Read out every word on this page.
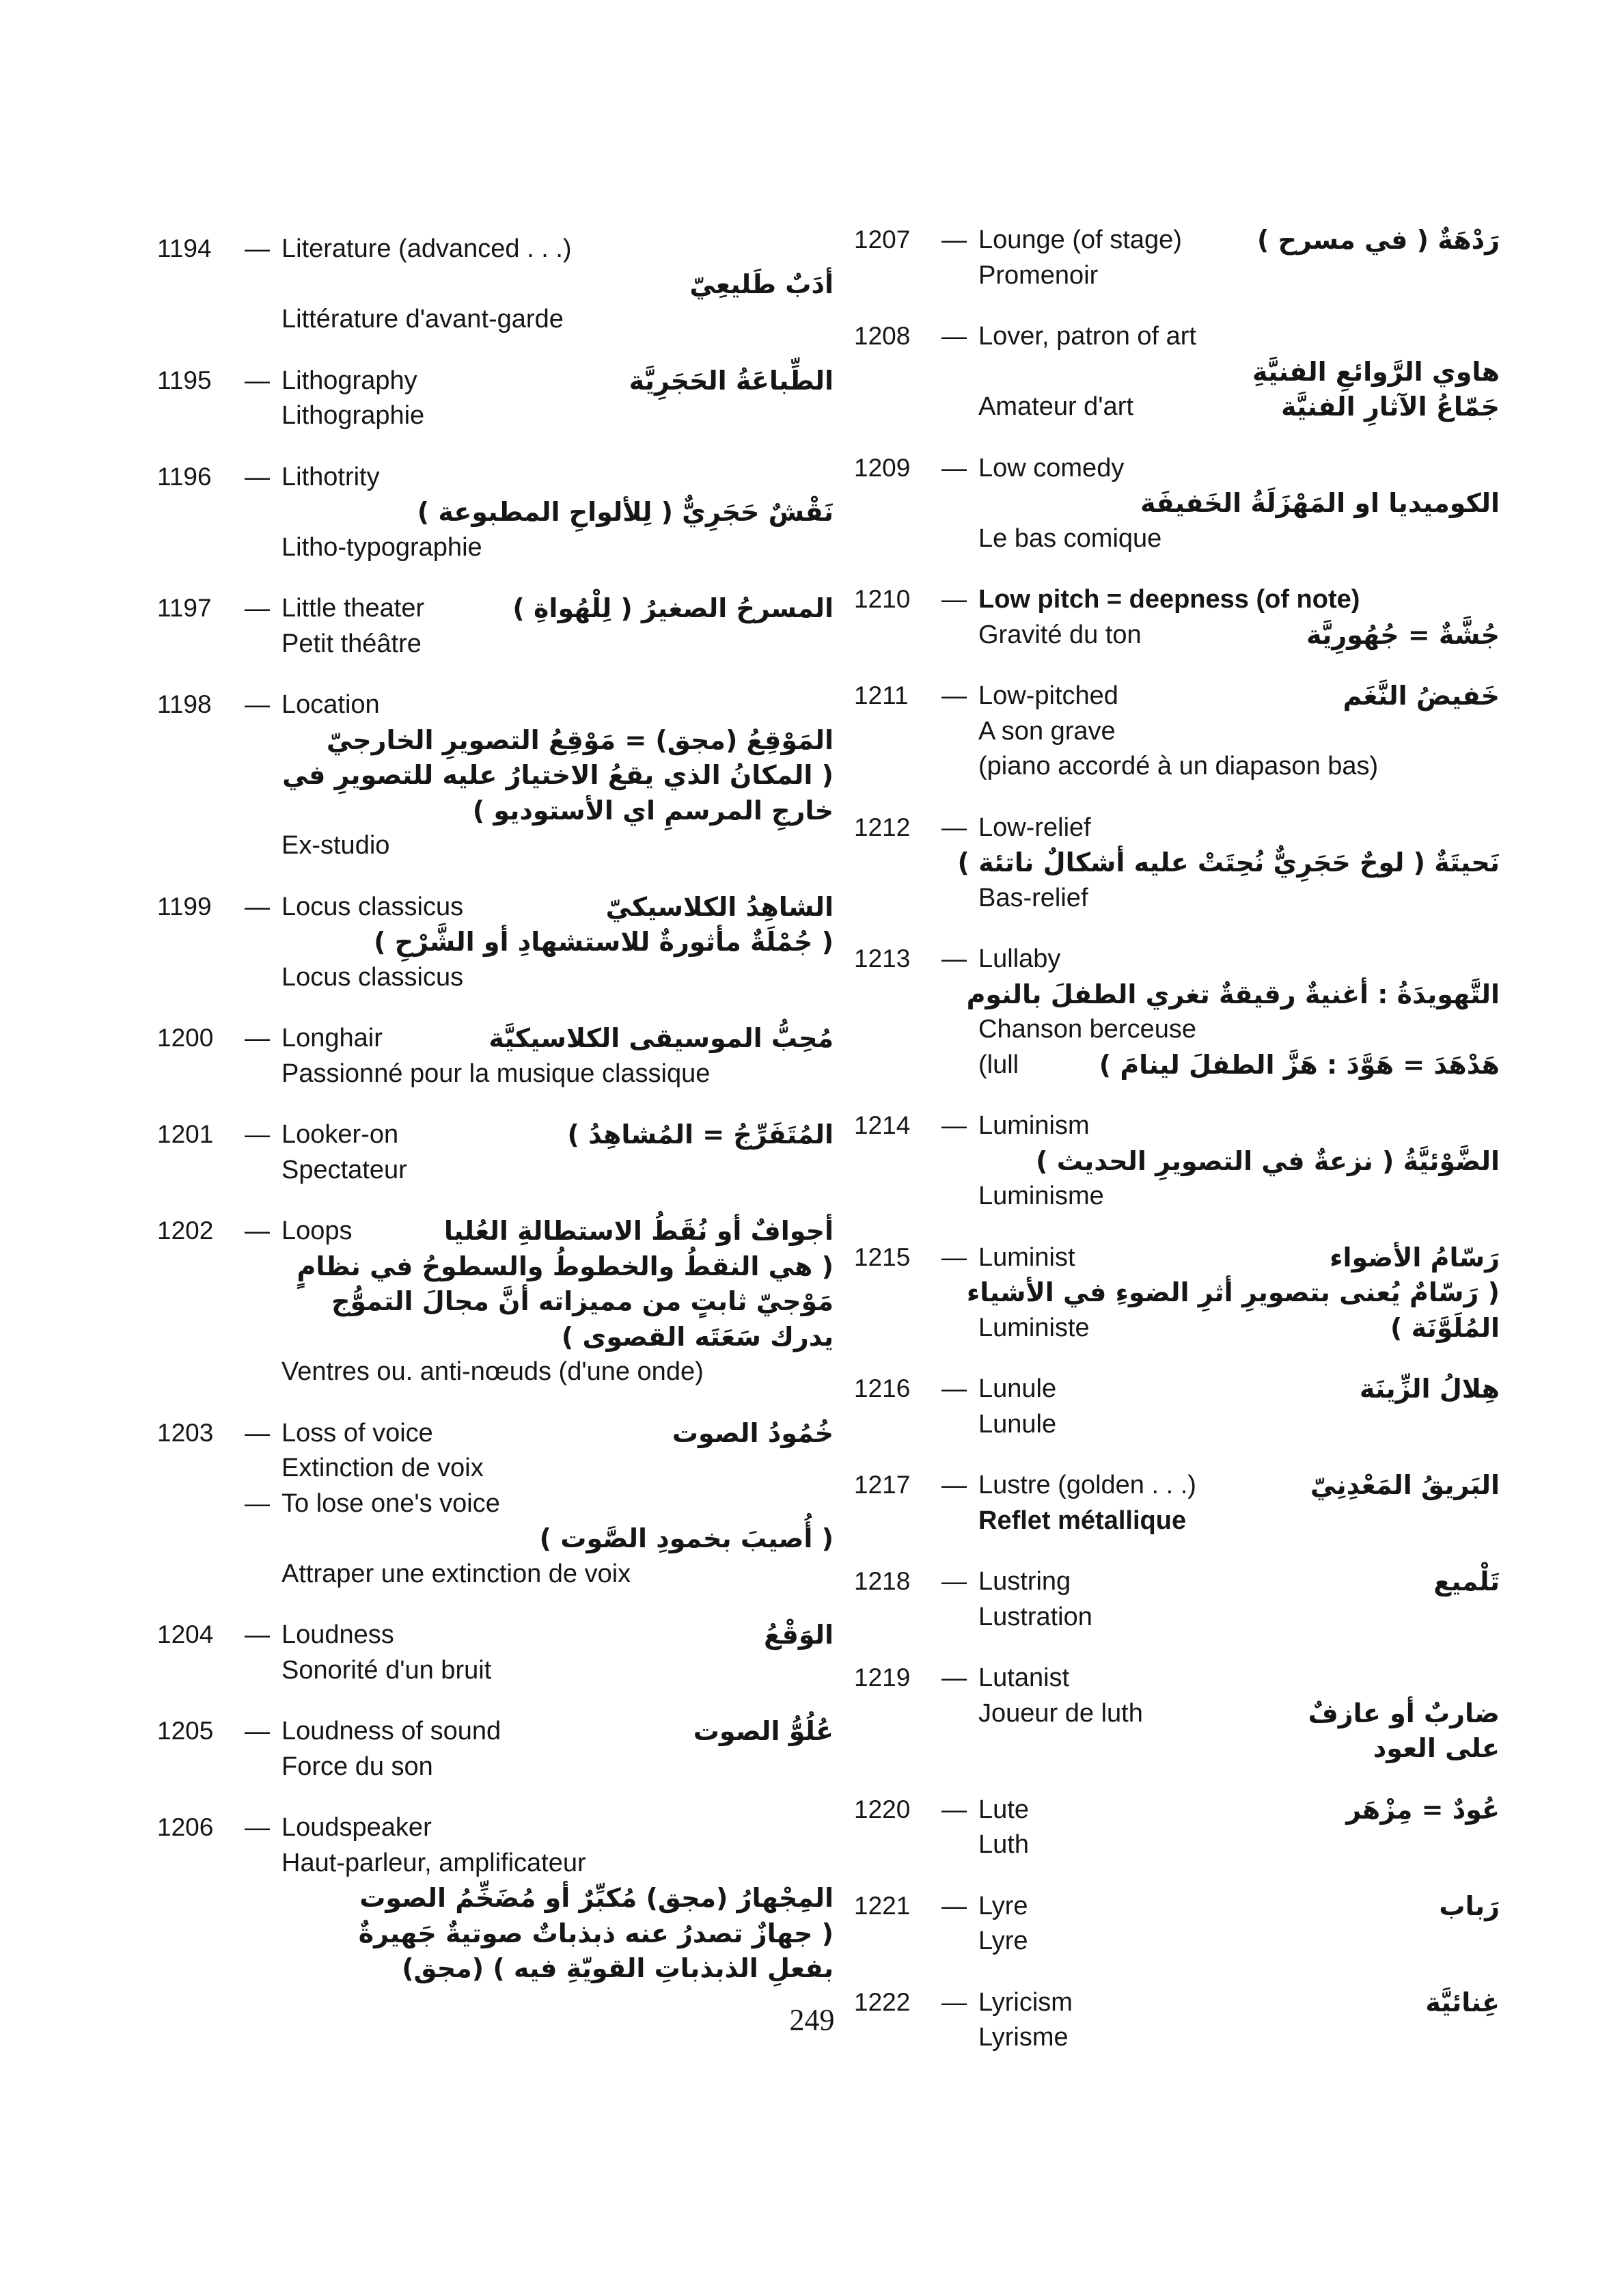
1194 — Literature (advanced . . .)
أدَبٌ طَليعِيّ
Littérature d'avant-garde
1195 — Lithography	الطِّباعَةُ الحَجَرِيَّة
Lithographie
1196 — Lithotrity
نَقْشٌ حَجَرِيٌّ ( لِلألواحِ المطبوعة )
Litho-typographie
1197 — Little theater	المسرحُ الصغيرُ ( لِلْهُواةِ )
Petit théâtre
1198 — Location
المَوْقِعُ (مجق) = مَوْقِعُ التصويرِ الخارجيّ
( المكانُ الذي يقعُ الاختيارُ عليه للتصويرِ في
خارجِ المرسمِ اي الأستوديو )
Ex-studio
1199 — Locus classicus	الشاهِدُ الكلاسيكيّ
( جُمْلَةٌ مأثورةٌ للاستشهادِ أو الشَّرْحِ )
Locus classicus
1200 — Longhair	مُحِبُّ الموسيقى الكلاسيكيَّة
Passionné pour la musique classique
1201 — Looker-on	المُتَفَرِّجُ = المُشاهِدُ )
Spectateur
1202 — Loops	أجوافٌ أو نُقَطُ الاستطالةِ العُليا
( هي النقطُ والخطوطُ والسطوحُ في نظامٍ
مَوْجيّ ثابتٍ من مميزاته أنَّ مجالَ التموُّج
يدرك سَعَتَه القصوى )
Ventres ou. anti-nœuds (d'une onde)
1203 — Loss of voice	خُمُودُ الصوت
Extinction de voix
— To lose one's voice
( أُصيبَ بخمودِ الصَّوت )
Attraper une extinction de voix
1204 — Loudness	الوَقْعُ
Sonorité d'un bruit
1205 — Loudness of sound	عُلُوُّ الصوت
Force du son
1206 — Loudspeaker
Haut-parleur, amplificateur
المِجْهارُ (مجق) مُكبِّرٌ أو مُضَخِّمُ الصوت
( جهازٌ تصدرُ عنه ذبذباتٌ صوتيةٌ جَهيرةٌ
بفعلِ الذبذباتِ القويّةِ فيه ) (مجق)
1207 — Lounge (of stage)	رَدْهَةٌ ( في مسرح )
Promenoir
1208 — Lover, patron of art
هاوي الرَّوائعِ الفنيَّةِ
Amateur d'art	جَمّاعُ الآثارِ الفنيَّة
1209 — Low comedy
الكوميديا او المَهْزَلَةُ الخَفيفَة
Le bas comique
1210 — Low pitch = deepness (of note)
Gravité du ton	جُشَّةٌ = جُهُورِيَّة
1211 — Low-pitched	خَفيضُ النَّغَم
A son grave
(piano accordé à un diapason bas)
1212 — Low-relief
نَحيتَةٌ ( لوحٌ حَجَرِيٌّ نُحِتَتْ عليه أشكالٌ ناتئة )
Bas-relief
1213 — Lullaby
التَّهويدَةُ : أغنيةٌ رقيقةٌ تغري الطفلَ بالنوم
Chanson berceuse
(lull	هَدْهَدَ = هَوَّدَ : هَزَّ الطفلَ لينامَ )
1214 — Luminism
الضَّوْئيَّةُ ( نزعةٌ في التصويرِ الحديث )
Luminisme
1215 — Luminist	رَسّامُ الأضواء
( رَسّامٌ يُعنى بتصويرِ أثرِ الضوءِ في الأشياء
Luministe	المُلَوَّنَة )
1216 — Lunule	هِلالُ الزِّينَة
Lunule
1217 — Lustre (golden . . .)	البَريقُ المَعْدِنِيّ
Reflet métallique
1218 — Lustring	تَلْميع
Lustration
1219 — Lutanist
Joueur de luth	ضاربٌ أو عازفٌ
على العود
1220 — Lute	عُودٌ = مِزْهَر
Luth
1221 — Lyre	رَباب
Lyre
1222 — Lyricism	غِنائيَّة
Lyrisme
249
